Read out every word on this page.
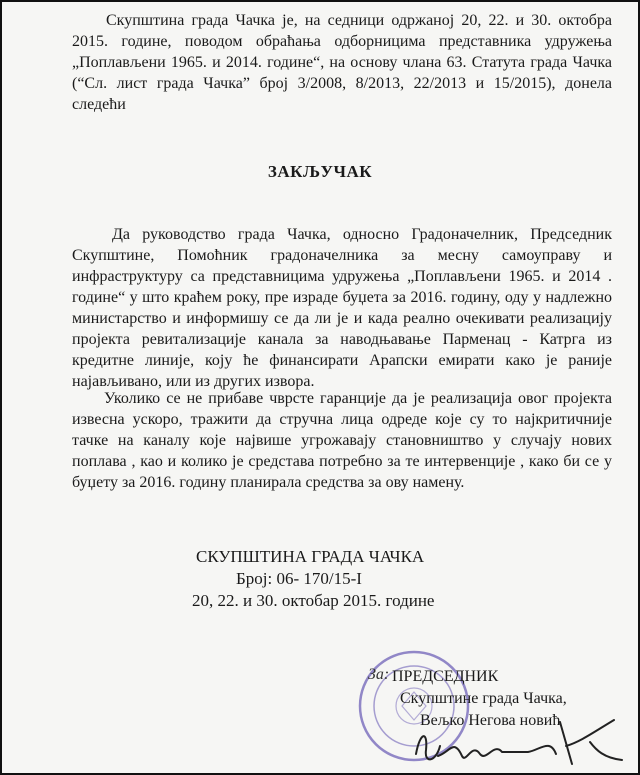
Скупштина града Чачка је, на седници одржаној 20, 22. и 30. октобра 2015. године, поводом обраћања одборницима представника удружења „Поплављени 1965. и 2014. године“, на основу члана 63. Статута града Чачка (“Сл. лист града Чачка” број 3/2008, 8/2013, 22/2013 и 15/2015), донела следећи
ЗАКЉУЧАК
Да руководство града Чачка, односно Градоначелник, Председник Скупштине, Помоћник градоначелника за месну самоуправу и инфраструктуру са представницима удружења „Поплављени 1965. и 2014 . године“ у што краћем року, пре израде буџета за 2016. годину, оду у надлежно министарство и информишу се да ли је и када реално очекивати реализацију пројекта ревитализације канала за наводњавање Парменац - Катрга из кредитне линије, коју ће финансирати Арапски емирати како је раније најављивано, или из других извора.
Уколико се не прибаве чврсте гаранције да је реализација овог пројекта извесна ускоро, тражити да стручна лица одреде које су то најкритичније тачке на каналу које највише угрожавају становништво у случају нових поплава , као и колико је средстава потребно за те интервенције , како би се у буџету за 2016. годину планирала средства за ову намену.
СКУПШТИНА ГРАДА ЧАЧКА
Број: 06- 170/15-I
20, 22. и 30. октобар 2015. године
За: ПРЕДСЕДНИК
Скупштине града Чачка,
Вељко Негова нoвић
